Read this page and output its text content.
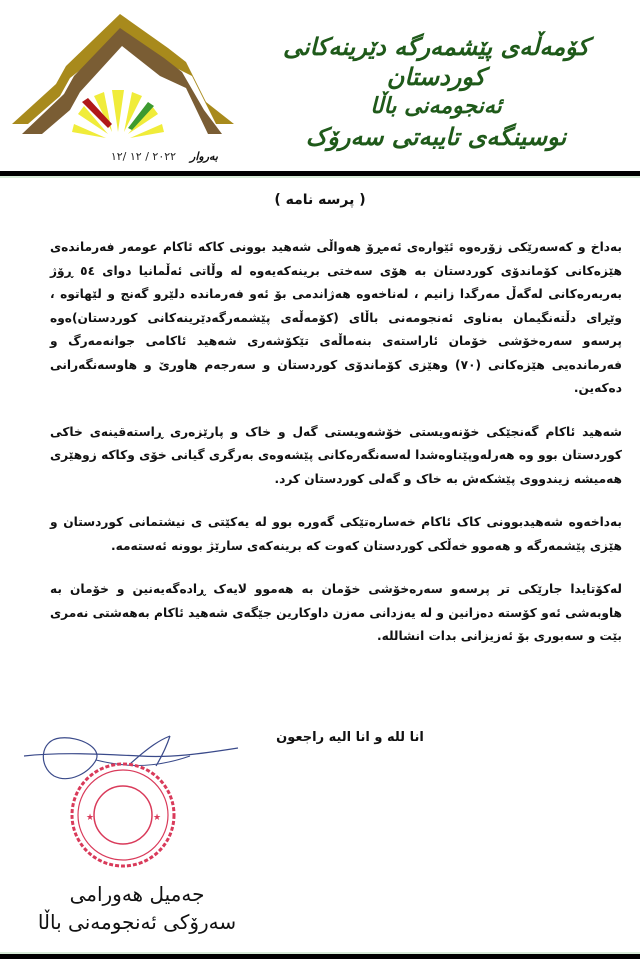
بەروار
٢٠٢٢ / ١٢ /١٢
کۆمەڵەی پێشمەرگە دێرینەکانی کوردستان
ئەنجومەنی باڵا
نوسینگەی تایبەتی سەرۆک
( پرسه نامه )

بەداخ و کەسەرێکی زۆرەوە ئێوارەی ئەمڕۆ هەواڵی شەهید بوونی کاکە ئاکام عومەر فەرماندەی هێزەکانی کۆماندۆی کوردستان بە هۆی سەختی برینەکەیەوە لە وڵاتی ئەڵمانیا دوای ٥٤ ڕۆژ بەربەرەکانی لەگەڵ مەرگدا زانیم ، لەناخەوە هەژاندمی بۆ ئەو فەرماندە دلێرو گەنج و لێهاتوە ، وێڕای دڵتەنگیمان بەناوی ئەنجومەنی باڵای (کۆمەڵەی پێشمەرگەدێرینەکانی کوردستان)ەوە پرسەو سەرەخۆشی خۆمان ئاراستەی بنەماڵەی تێکۆشەری شەهید ئاکامی جوانەمەرگ و فەرماندەیی هێزەکانی (٧٠) وهێزی کۆماندۆی کوردستان و سەرجەم هاورێ و هاوسەنگەرانی دەکەین.

شەهید ئاکام گەنجێکی خۆنەویستی خۆشەویستی گەل و خاک و پارێزەری ڕاستەقینەی خاکی کوردستان بوو وە هەرلەوپێناوەشدا لەسەنگەرەکانی پێشەوەی بەرگری گیانی خۆی وکاکە زوهێری هەمیشە زیندووی پێشکەش بە خاک و گەلی کوردستان کرد.

بەداخەوە شەهیدبوونی کاک ئاکام خەسارەتێکی گەورە بوو لە یەکێتی ی نیشتمانی کوردستان و هێزی پێشمەرگە و هەموو خەڵکی کوردستان کەوت کە برینەکەی سارێژ بوونە ئەستەمە.

لەکۆتایدا جارێکی تر پرسەو سەرەخۆشی خۆمان بە هەموو لایەک ڕادەگەیەنین و خۆمان بە هاوبەشی ئەو کۆستە دەزانین و لە یەزدانی مەزن داوکارین جێگەی شەهید ئاکام بەهەشتی نەمری بێت و سەبوری بۆ ئەزیزانی بدات انشالله.

انا لله و انا اليه راجعون
★	★
جەمیل هەورامی
سەرۆکی ئەنجومەنی باڵا
